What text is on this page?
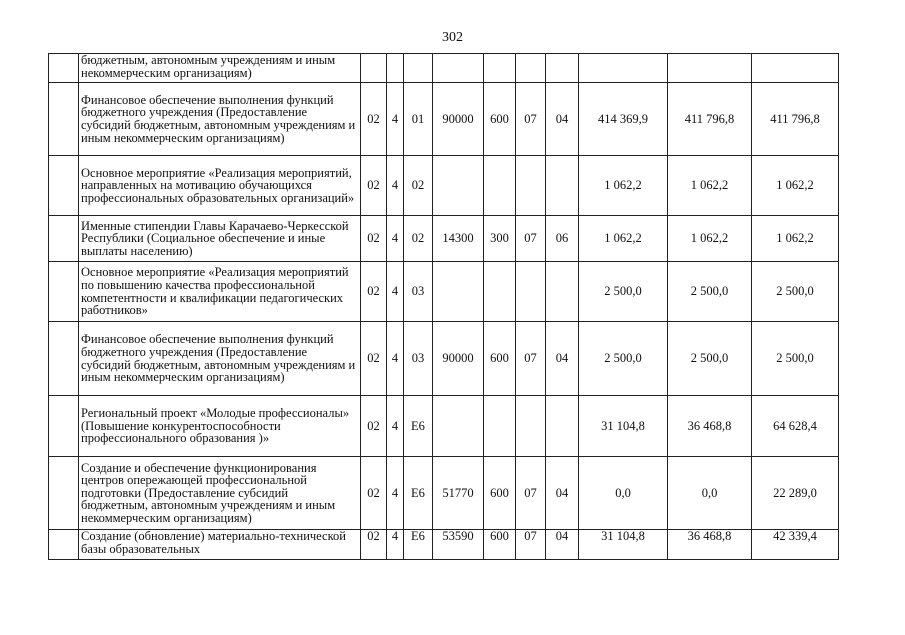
302
	бюджетным, автономным учреждениям и иным некоммерческим организациям)										
	Финансовое обеспечение выполнения функций бюджетного учреждения (Предоставление субсидий бюджетным, автономным учреждениям и иным некоммерческим организациям)	02	4	01	90000	600	07	04	414 369,9	411 796,8	411 796,8
	Основное мероприятие «Реализация мероприятий, направленных на мотивацию обучающихся профессиональных образовательных организаций»	02	4	02					1 062,2	1 062,2	1 062,2
	Именные стипендии Главы Карачаево-Черкесской Республики (Социальное обеспечение и иные выплаты населению)	02	4	02	14300	300	07	06	1 062,2	1 062,2	1 062,2
	Основное мероприятие «Реализация мероприятий по повышению качества профессиональной компетентности и квалификации педагогических работников»	02	4	03					2 500,0	2 500,0	2 500,0
	Финансовое обеспечение выполнения функций бюджетного учреждения (Предоставление субсидий бюджетным, автономным учреждениям и иным некоммерческим организациям)	02	4	03	90000	600	07	04	2 500,0	2 500,0	2 500,0
	Региональный проект «Молодые профессионалы» (Повышение конкурентоспособности профессионального образования )»	02	4	Е6					31 104,8	36 468,8	64 628,4
	Создание и обеспечение функционирования центров опережающей профессиональной подготовки (Предоставление субсидий бюджетным, автономным учреждениям и иным некоммерческим организациям)	02	4	Е6	51770	600	07	04	0,0	0,0	22 289,0
	Создание (обновление) материально-технической базы образовательных	02	4	Е6	53590	600	07	04	31 104,8	36 468,8	42 339,4
